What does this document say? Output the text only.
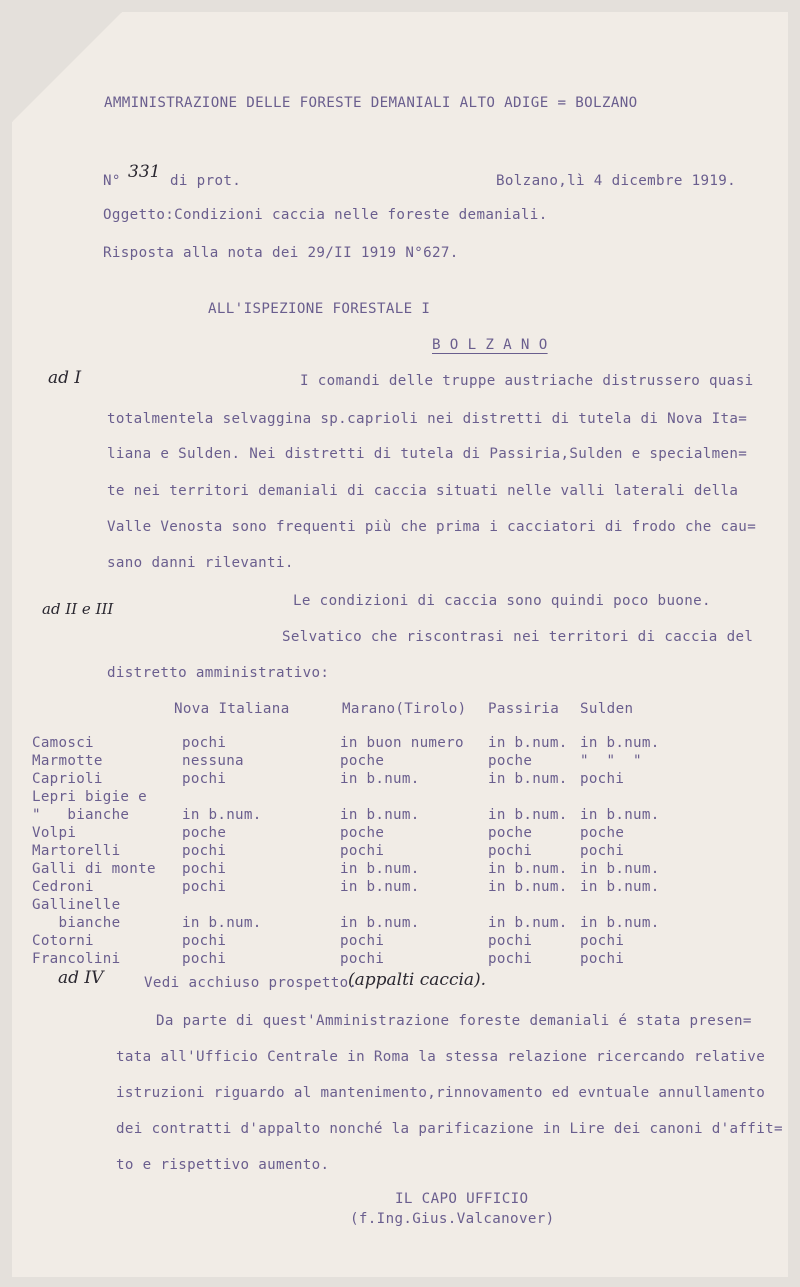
AMMINISTRAZIONE DELLE FORESTE DEMANIALI ALTO ADIGE = BOLZANO
N° 331 di prot.	Bolzano,lì 4 dicembre 1919.
Oggetto:Condizioni caccia nelle foreste demaniali.
Risposta alla nota dei 29/II 1919 N°627.
ALL'ISPEZIONE FORESTALE I
B O L Z A N O
ad I	I comandi delle truppe austriache distrussero quasi
totalmentela selvaggina sp.caprioli nei distretti di tutela di Nova Ita=
liana e Sulden. Nei distretti di tutela di Passiria,Sulden e specialmen=
te nei territori demaniali di caccia situati nelle valli laterali della
Valle Venosta sono frequenti più che prima i cacciatori di frodo che cau=
sano danni rilevanti.
ad II e III	Le condizioni di caccia sono quindi poco buone.
Selvatico che riscontrasi nei territori di caccia del
distretto amministrativo:
Nova Italiana	Marano(Tirolo) Passiria Sulden
Camosci	pochi	in buon numero in b.num. in b.num.
Marmotte	nessuna	poche	poche	"  "  "
Caprioli	pochi	in b.num.	in b.num. pochi
Lepri bigie e
"   bianche	in b.num.	in b.num.	in b.num. in b.num.
Volpi	poche	poche	poche	poche
Martorelli	pochi	pochi	pochi	pochi
Galli di monte pochi	in b.num.	in b.num. in b.num.
Cedroni	pochi	in b.num.	in b.num. in b.num.
Gallinelle
bianche	in b.num.	in b.num.	in b.num. in b.num.
Cotorni	pochi	pochi	pochi	pochi
Francolini	pochi	pochi	pochi	pochi
ad IV	Vedi acchiuso prospetto.
(appalti caccia).
Da parte di quest'Amministrazione foreste demaniali é stata presen=
tata all'Ufficio Centrale in Roma la stessa relazione ricercando relative
istruzioni riguardo al mantenimento,rinnovamento ed evntuale annullamento
dei contratti d'appalto nonché la parificazione in Lire dei canoni d'affit=
to e rispettivo aumento.
IL CAPO UFFICIO
(f.Ing.Gius.Valcanover)
